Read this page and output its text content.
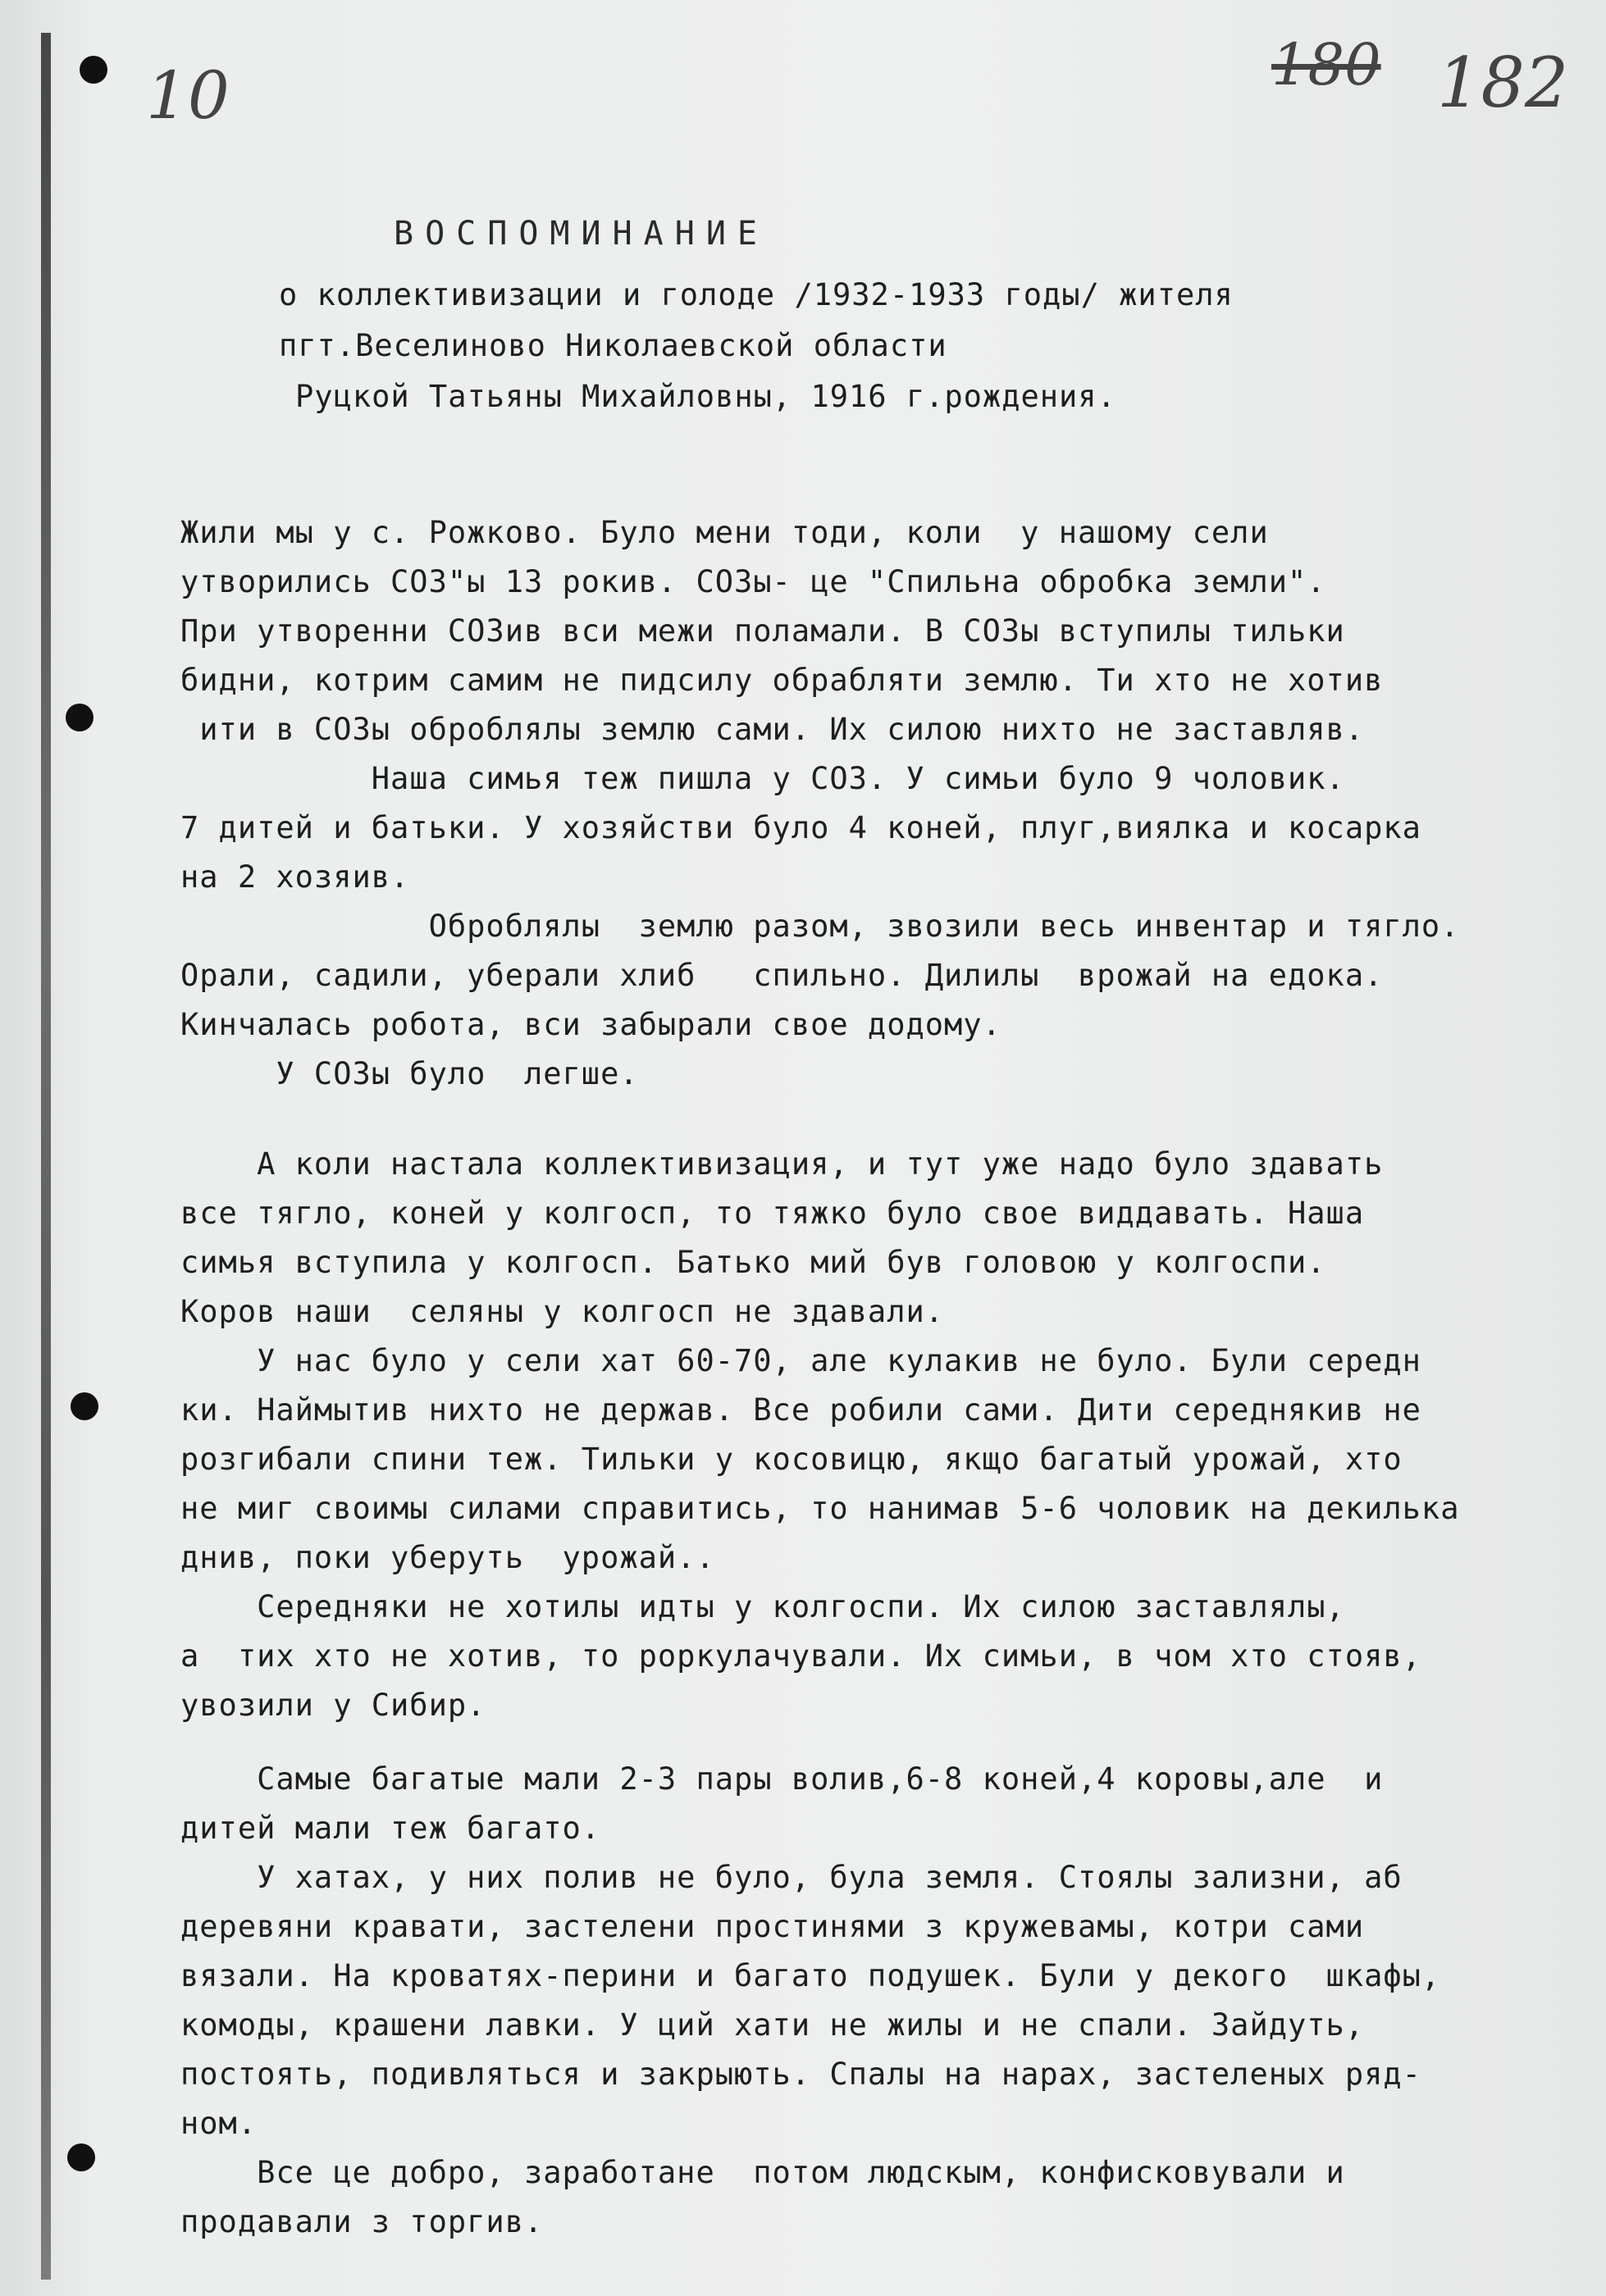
10	180 182
ВОСПОМИНАНИЕ
о коллективизации и голоде /1932-1933 годы/ жителя
пгт.Веселиново Николаевской области
Руцкой Татьяны Михайловны, 1916 г.рождения.
Жили мы у с. Рожково. Було мени тоди, коли  у нашому сели
утворились СОЗ"ы 13 рокив. СОЗы- це "Спильна обробка земли".
При утворенни СОЗив вси межи поламали. В СОЗы вступилы тильки
бидни, котрим самим не пидсилу обрабляти землю. Ти хто не хотив
ити в СОЗы оброблялы землю сами. Их силою нихто не заставляв.
Наша симья теж пишла у СОЗ. У симьи було 9 чоловик.
7 дитей и батьки. У хозяйстви було 4 коней, плуг,виялка и косарка
на 2 хозяив.
Оброблялы  землю разом, звозили весь инвентар и тягло.
Орали, садили, уберали хлиб   спильно. Дилилы  врожай на едока.
Кинчалась робота, вси забырали свое додому.
У СОЗы було  легше.
А коли настала коллективизация, и тут уже надо було здавать
все тягло, коней у колгосп, то тяжко було свое виддавать. Наша
симья вступила у колгосп. Батько мий був головою у колгоспи.
Коров наши  селяны у колгосп не здавали.
У нас було у сели хат 60-70, але кулакив не було. Були середн
ки. Наймытив нихто не держав. Все робили сами. Дити середнякив не
розгибали спини теж. Тильки у косовицю, якщо багатый урожай, хто
не миг своимы силами справитись, то нанимав 5-6 чоловик на декилька
днив, поки уберуть  урожай..
Середняки не хотилы идты у колгоспи. Их силою заставлялы,
а  тих хто не хотив, то роркулачували. Их симьи, в чом хто стояв,
увозили у Сибир.
Самые багатые мали 2-3 пары волив,6-8 коней,4 коровы,але  и
дитей мали теж багато.
У хатах, у них полив не було, була земля. Стоялы зализни, аб
деревяни кравати, застелени простинями з кружевамы, котри сами
вязали. На кроватях-перини и багато подушек. Були у декого  шкафы,
комоды, крашени лавки. У ций хати не жилы и не спали. Зайдуть,
постоять, подивляться и закрыють. Спалы на нарах, застеленых ряд-
ном.
Все це добро, заработане  потом людскым, конфисковували и
продавали з торгив.
